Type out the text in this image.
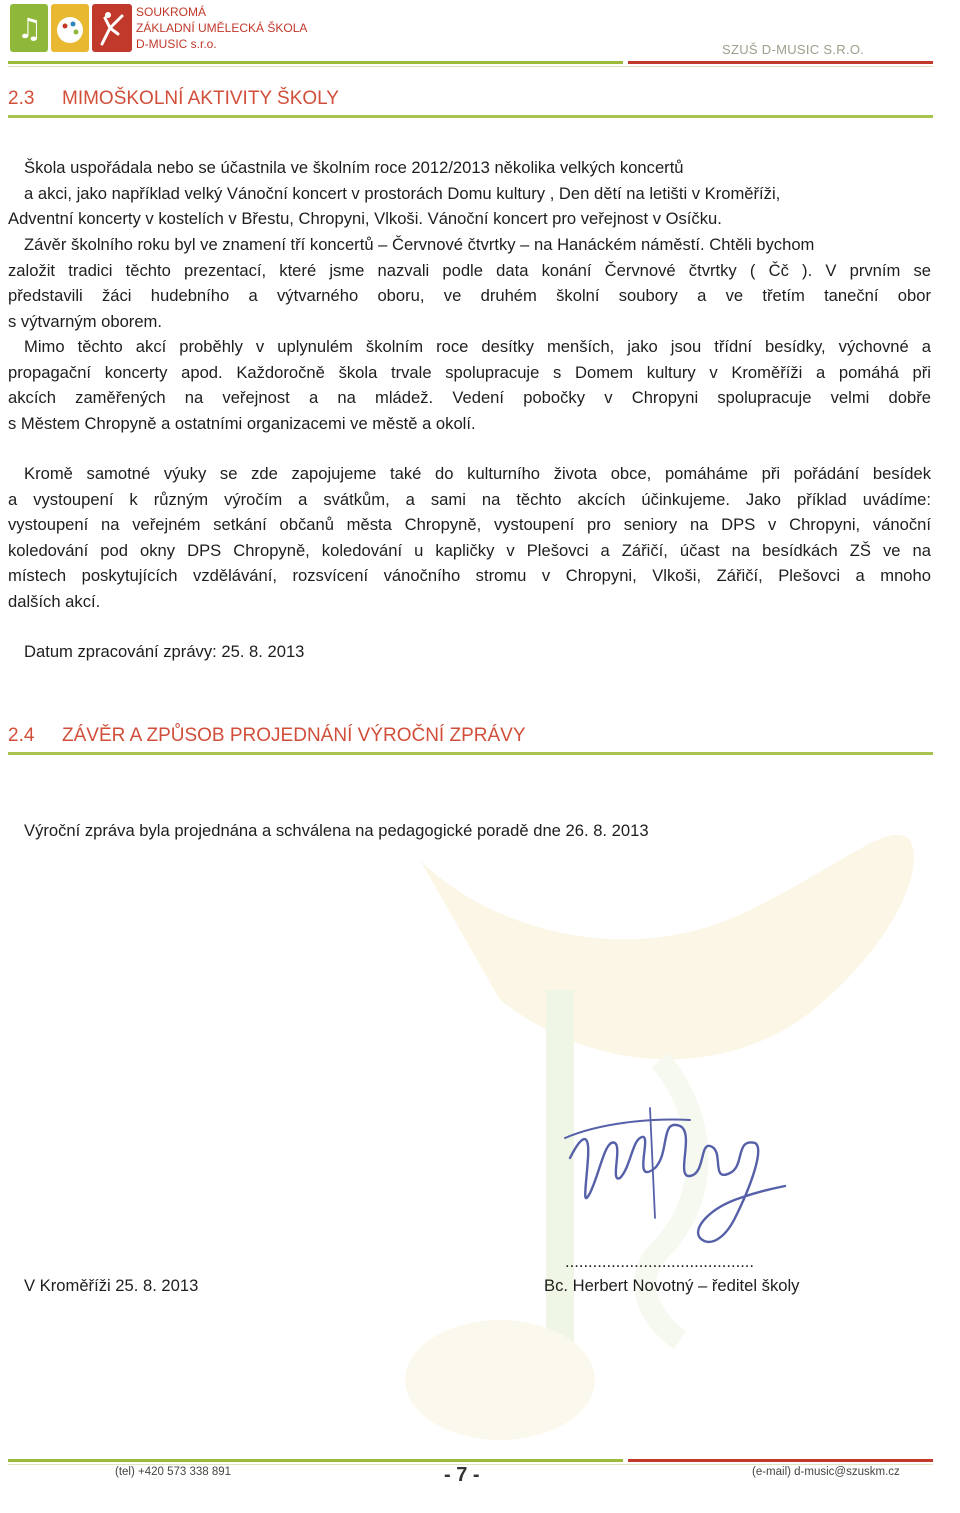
♫	SOUKROMÁ
ZÁKLADNÍ UMĚLECKÁ ŠKOLA
D-MUSIC s.r.o.	SZUŠ D-MUSIC S.R.O.
2.3 MIMOŠKOLNÍ AKTIVITY ŠKOLY
Škola uspořádala nebo se účastnila ve školním roce 2012/2013 několika velkých koncertů
a akci, jako například velký Vánoční koncert v prostorách Domu kultury , Den dětí na letišti v Kroměříži,
Adventní koncerty v kostelích v Břestu, Chropyni, Vlkoši. Vánoční koncert pro veřejnost v Osíčku.
Závěr školního roku byl ve znamení tří koncertů – Červnové čtvrtky – na Hanáckém náměstí. Chtěli bychom
založit tradici těchto prezentací, které jsme nazvali podle data konání Červnové čtvrtky ( Čč ). V prvním se
představili žáci hudebního a výtvarného oboru, ve druhém školní soubory a ve třetím taneční obor
s výtvarným oborem.
Mimo těchto akcí proběhly v uplynulém školním roce desítky menších, jako jsou třídní besídky, výchovné a
propagační koncerty apod. Každoročně škola trvale spolupracuje s Domem kultury v Kroměříži a pomáhá při
akcích zaměřených na veřejnost a na mládež. Vedení pobočky v Chropyni spolupracuje velmi dobře
s Městem Chropyně a ostatními organizacemi ve městě a okolí.
Kromě samotné výuky se zde zapojujeme také do kulturního života obce, pomáháme při pořádání besídek
a vystoupení k různým výročím a svátkům, a sami na těchto akcích účinkujeme. Jako příklad uvádíme:
vystoupení na veřejném setkání občanů města Chropyně, vystoupení pro seniory na DPS v Chropyni, vánoční
koledování pod okny DPS Chropyně, koledování u kapličky v Plešovci a Zářičí, účast na besídkách ZŠ ve na
místech poskytujících vzdělávání, rozsvícení vánočního stromu v Chropyni, Vlkoši, Zářičí, Plešovci a mnoho
dalších akcí.
Datum zpracování zprávy: 25. 8. 2013
2.4 ZÁVĚR A ZPŮSOB PROJEDNÁNÍ VÝROČNÍ ZPRÁVY
Výroční zpráva byla projednána a schválena na pedagogické poradě dne 26. 8. 2013
.........................................
V Kroměříži 25. 8. 2013	Bc. Herbert Novotný – ředitel školy
(tel) +420 573 338 891	- 7 -	(e-mail) d-music@szuskm.cz
